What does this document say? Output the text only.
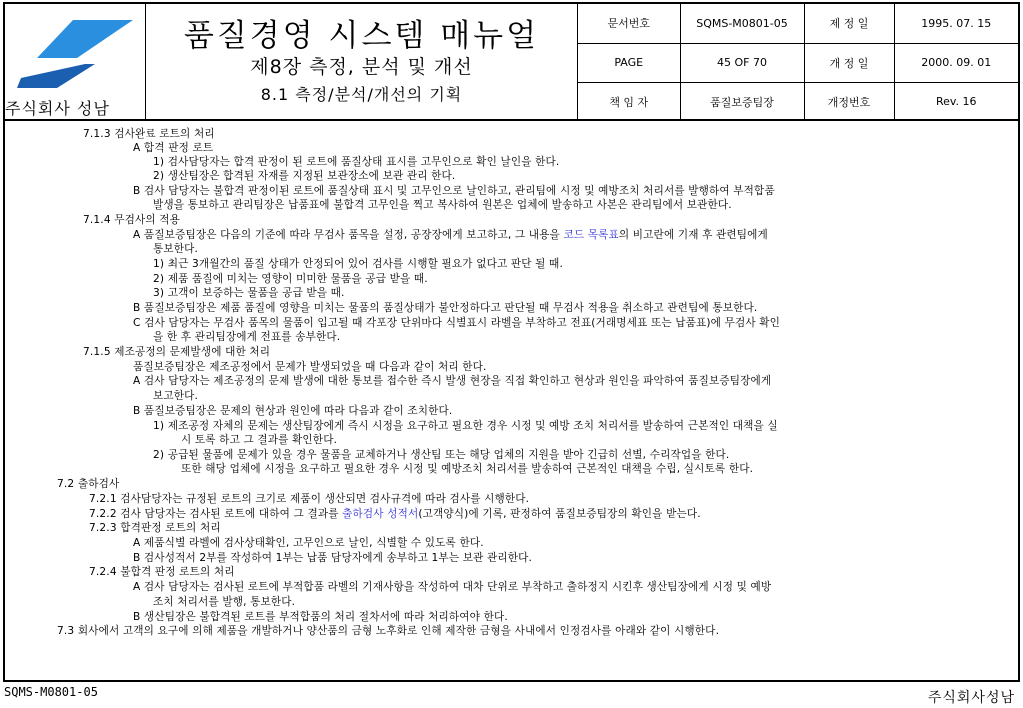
주식회사 성남
품질경영 시스템 매뉴얼
제8장 측정, 분석 및 개선
8.1 측정/분석/개선의 기획
문서번호	SQMS-M0801-05	제 정 일	1995. 07. 15
PAGE	45 OF 70	개 정 일	2000. 09. 01
책 임 자	품질보증팀장	개정번호	Rev. 16
7.1.3 검사완료 로트의 처리
A 합격 판정 로트
1) 검사담당자는 합격 판정이 된 로트에 품질상태 표시를 고무인으로 확인 날인을 한다.
2) 생산팀장은 합격된 자재를 지정된 보관장소에 보관 관리 한다.
B 검사 담당자는 불합격 판정이된 로트에 품질상태 표시 및 고무인으로 날인하고, 관리팀에 시정 및 예방조치 처리서를 발행하여 부적합품
발생을 통보하고 관리팀장은 납품표에 불합격 고무인을 찍고 복사하여 원본은 업체에 발송하고 사본은 관리팀에서 보관한다.
7.1.4 무검사의 적용
A 품질보증팀장은 다음의 기준에 따라 무검사 품목을 설정, 공장장에게 보고하고, 그 내용을 코드 목록표의 비고란에 기재 후 관련팀에게
통보한다.
1) 최근 3개월간의 품질 상태가 안정되어 있어 검사를 시행할 필요가 없다고 판단 될 때.
2) 제품 품질에 미치는 영향이 미미한 물품을 공급 받을 때.
3) 고객이 보증하는 물품을 공급 받을 때.
B 품질보증팀장은 제품 품질에 영향을 미치는 물품의 품질상태가 불안정하다고 판단될 때 무검사 적용을 취소하고 관련팀에 통보한다.
C 검사 담당자는 무검사 품목의 물품이 입고될 때 각포장 단위마다 식별표시 라벨을 부착하고 전표(거래명세표 또는 납품표)에 무검사 확인
을 한 후 관리팀장에게 전표를 송부한다.
7.1.5 제조공정의 문제발생에 대한 처리
품질보증팀장은 제조공정에서 문제가 발생되었을 때 다음과 같이 처리 한다.
A 검사 담당자는 제조공정의 문제 발생에 대한 통보를 접수한 즉시 발생 현장을 직접 확인하고 현상과 원인을 파악하여 품질보증팀장에게
보고한다.
B 품질보증팀장은 문제의 현상과 원인에 따라 다음과 같이 조치한다.
1) 제조공정 자체의 문제는 생산팀장에게 즉시 시정을 요구하고 필요한 경우 시정 및 예방 조치 처리서를 발송하여 근본적인 대책을 실
시 토록 하고 그 결과를 확인한다.
2) 공급된 물품에 문제가 있을 경우 물품을 교체하거나 생산팀 또는 해당 업체의 지원을 받아 긴급히 선별, 수리작업을 한다.
또한 해당 업체에 시정을 요구하고 필요한 경우 시정 및 예방조치 처리서를 발송하여 근본적인 대책을 수립, 실시토록 한다.
7.2 출하검사
7.2.1 검사담당자는 규정된 로트의 크기로 제품이 생산되면 검사규격에 따라 검사를 시행한다.
7.2.2 검사 담당자는 검사된 로트에 대하여 그 결과를 출하검사 성적서(고객양식)에 기록, 판정하여 품질보증팀장의 확인을 받는다.
7.2.3 합격판정 로트의 처리
A 제품식별 라벨에 검사상태확인, 고무인으로 날인, 식별할 수 있도록 한다.
B 검사성적서 2부를 작성하여 1부는 납품 담당자에게 송부하고 1부는 보관 관리한다.
7.2.4 불합격 판정 로트의 처리
A 검사 담당자는 검사된 로트에 부적합품 라벨의 기재사항을 작성하여 대차 단위로 부착하고 출하정지 시킨후 생산팀장에게 시정 및 예방
조치 처리서를 발행, 통보한다.
B 생산팀장은 불합격된 로트를 부적합품의 처리 절차서에 따라 처리하여야 한다.
7.3 회사에서 고객의 요구에 의해 제품을 개발하거나 양산품의 금형 노후화로 인해 제작한 금형을 사내에서 인정검사를 아래와 같이 시행한다.
SQMS-M0801-05	주식회사성남
